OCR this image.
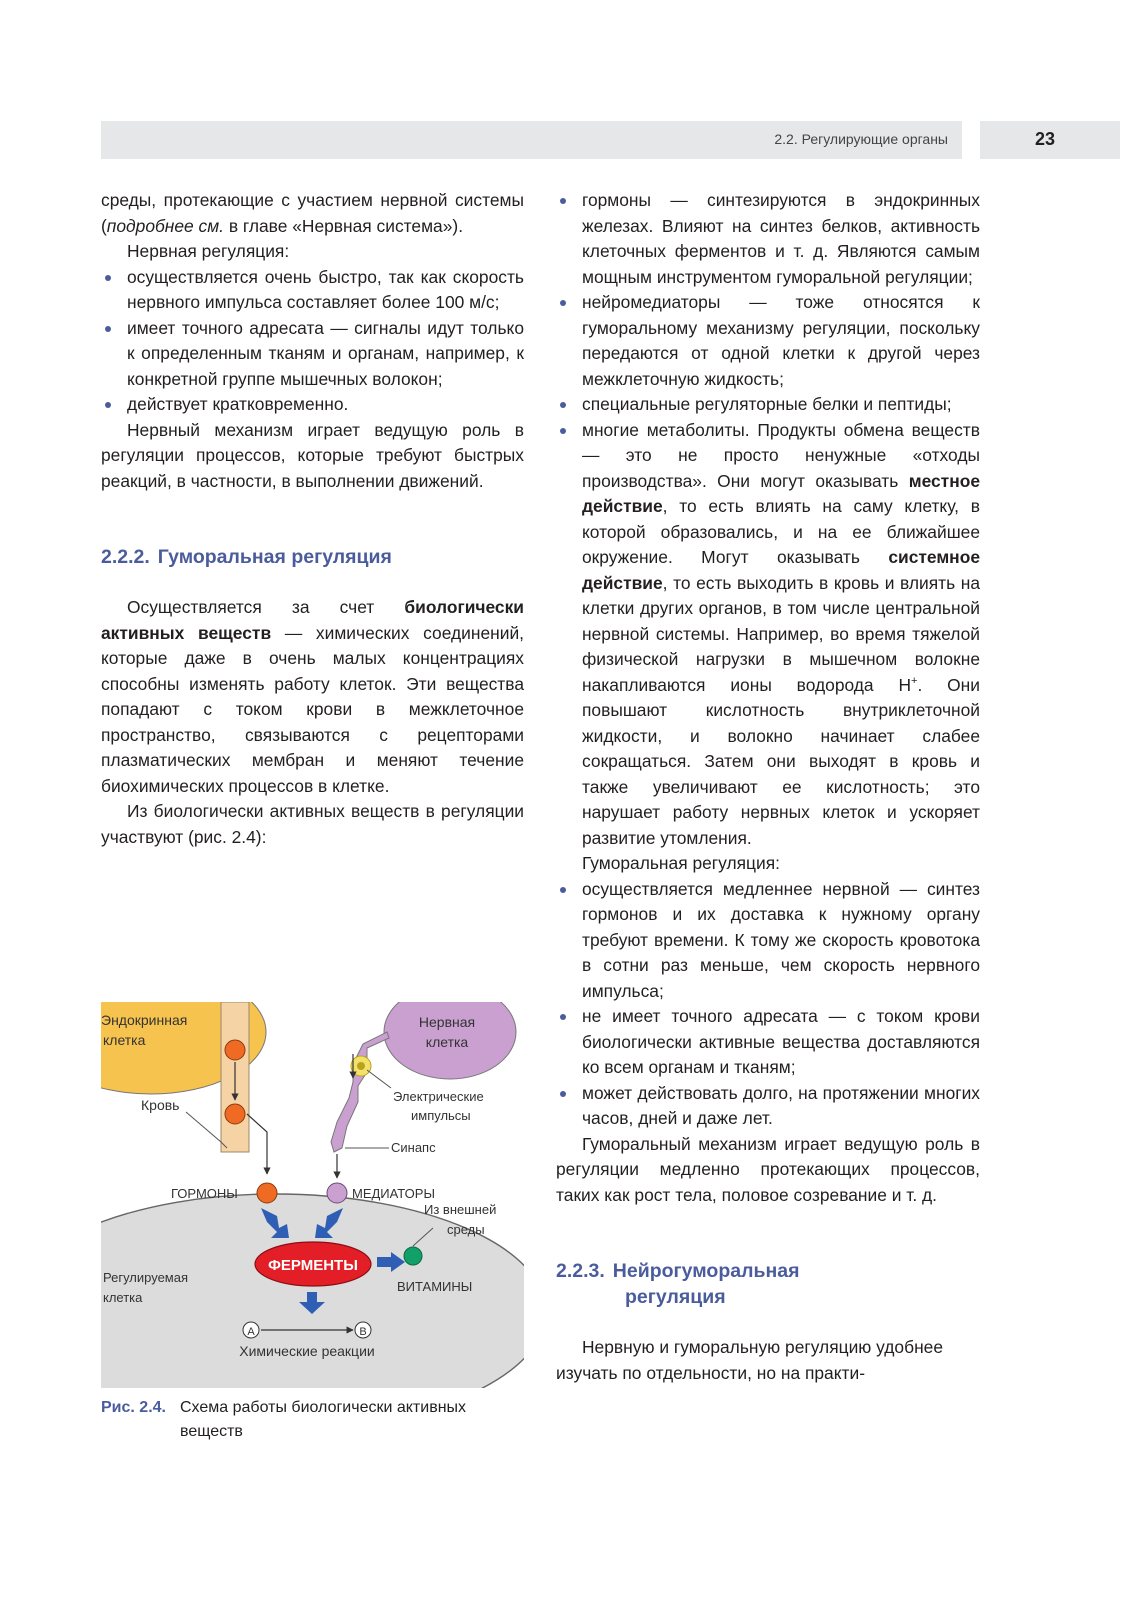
2.2. Регулирующие органы	23

среды, протекающие с участием нервной системы (подробнее см. в главе «Нервная система»).

Нервная регуляция:

осуществляется очень быстро, так как скорость нервного импульса составляет более 100 м/с;
имеет точного адресата — сигналы идут только к определенным тканям и органам, например, к конкретной группе мышечных волокон;
действует кратковременно.

Нервный механизм играет ведущую роль в регуляции процессов, которые требуют быстрых реакций, в частности, в выполнении движений.

2.2.2. Гуморальная регуляция

Осуществляется за счет биологически активных веществ — химических соединений, которые даже в очень малых концентрациях способны изменять работу клеток. Эти вещества попадают с током крови в межклеточное пространство, связываются с рецепторами плазматических мембран и меняют течение биохимических процессов в клетке.

Из биологически активных веществ в регуляции участвуют (рис. 2.4):

ФЕРМЕНТЫ
A	B
Эндокринная
клетка
Нервная
клетка
Кровь
Электрические
импульсы
Синапс
ГОРМОНЫ	МЕДИАТОРЫ
Из внешней
среды
Регулируемая
клетка
ВИТАМИНЫ
Химические реакции
Рис. 2.4. Схема работы биологически активных веществ
гормоны — синтезируются в эндокринных железах. Влияют на синтез белков, активность клеточных ферментов и т. д. Являются самым мощным инструментом гуморальной регуляции;
нейромедиаторы — тоже относятся к гуморальному механизму регуляции, поскольку передаются от одной клетки к другой через межклеточную жидкость;
специальные регуляторные белки и пептиды;
многие метаболиты. Продукты обмена веществ — это не просто ненужные «отходы производства». Они могут оказывать местное действие, то есть влиять на саму клетку, в которой образовались, и на ее ближайшее окружение. Могут оказывать системное действие, то есть выходить в кровь и влиять на клетки других органов, в том числе центральной нервной системы. Например, во время тяжелой физической нагрузки в мышечном волокне накапливаются ионы водорода H+. Они повышают кислотность внутриклеточной жидкости, и волокно начинает слабее сокращаться. Затем они выходят в кровь и также увеличивают ее кислотность; это нарушает работу нервных клеток и ускоряет развитие утомления.

Гуморальная регуляция:

осуществляется медленнее нервной — синтез гормонов и их доставка к нужному органу требуют времени. К тому же скорость кровотока в сотни раз меньше, чем скорость нервного импульса;
не имеет точного адресата — с током крови биологически активные вещества доставляются ко всем органам и тканям;
может действовать долго, на протяжении многих часов, дней и даже лет.

Гуморальный механизм играет ведущую роль в регуляции медленно протекающих процессов, таких как рост тела, половое созревание и т. д.

2.2.3. Нейрогуморальная
регуляция

Нервную и гуморальную регуляцию удобнее изучать по отдельности, но на практи-
